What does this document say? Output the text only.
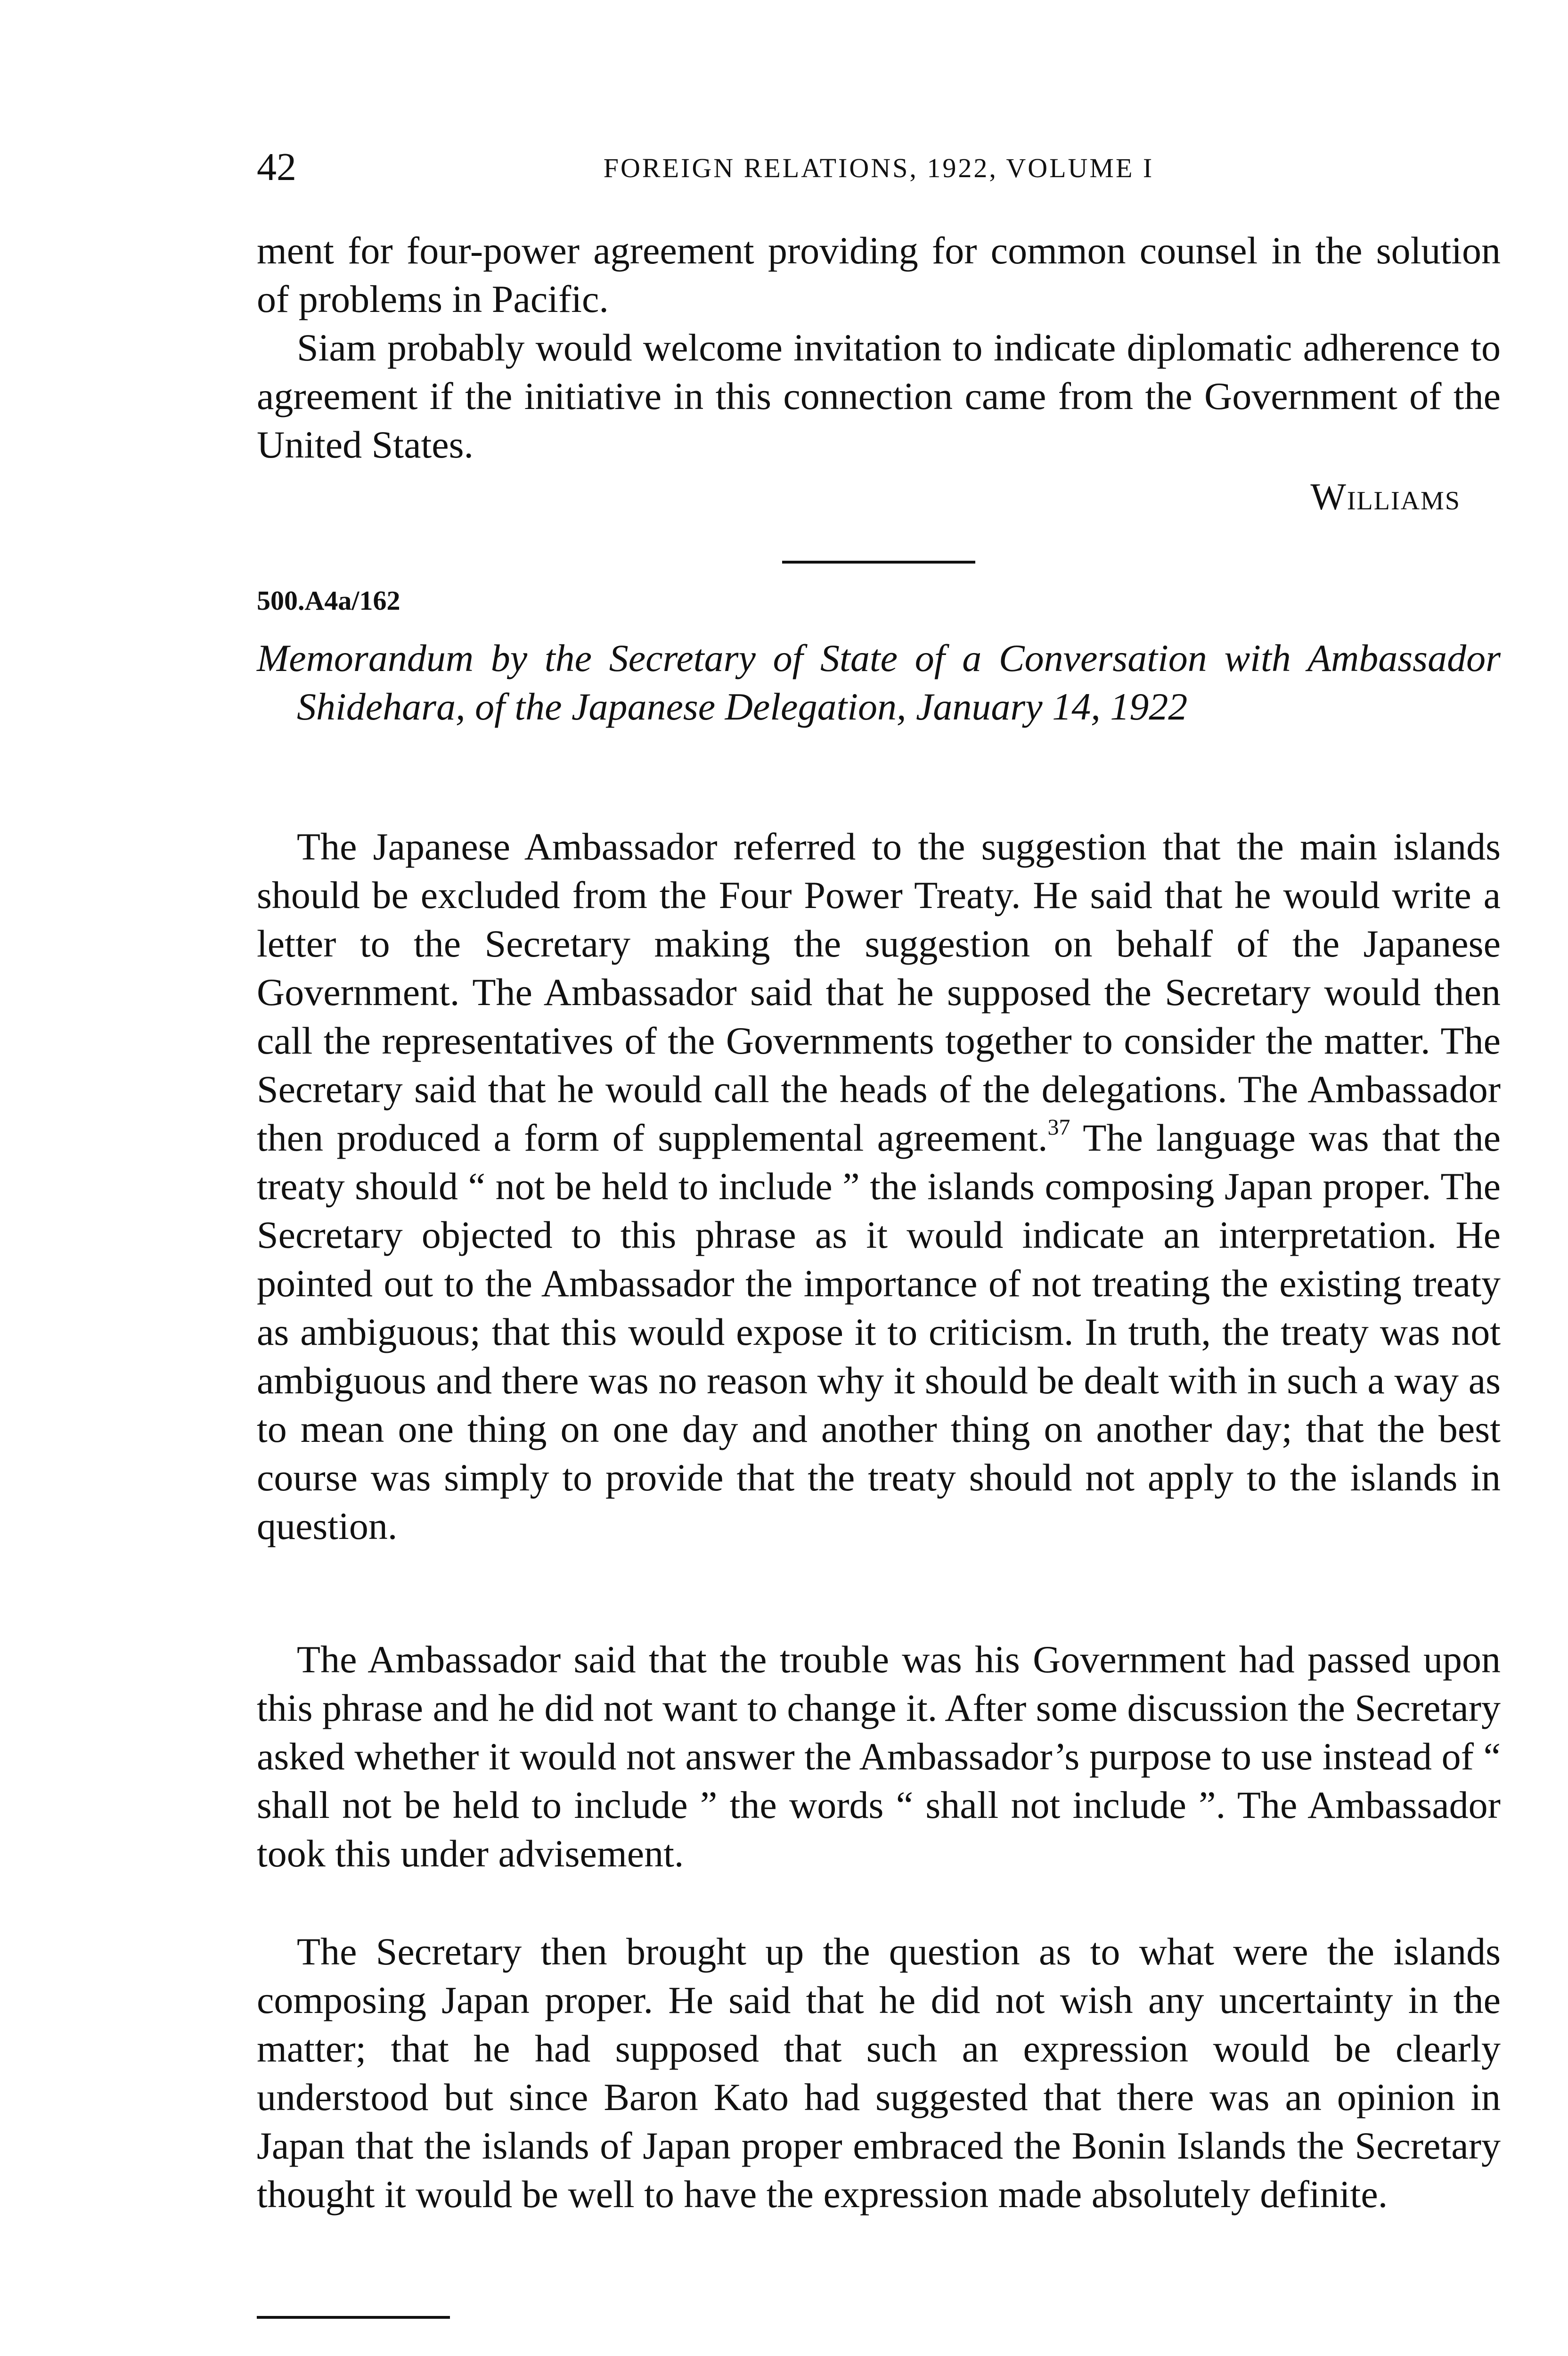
42	FOREIGN RELATIONS, 1922, VOLUME I

ment for four-power agreement providing for common counsel in the solution of problems in Pacific.

Siam probably would welcome invitation to indicate diplomatic adherence to agreement if the initiative in this connection came from the Government of the United States.

Williams
500.A4a/162

Memorandum by the Secretary of State of a Conversation with Ambassador Shidehara, of the Japanese Delegation, January 14, 1922

The Japanese Ambassador referred to the suggestion that the main islands should be excluded from the Four Power Treaty. He said that he would write a letter to the Secretary making the suggestion on behalf of the Japanese Government. The Ambassador said that he supposed the Secretary would then call the representatives of the Governments together to consider the matter. The Secretary said that he would call the heads of the delegations. The Ambassador then produced a form of supplemental agreement.$^{37}$ The language was that the treaty should “ not be held to include ” the islands composing Japan proper. The Secretary objected to this phrase as it would indicate an interpretation. He pointed out to the Ambassador the importance of not treating the existing treaty as ambiguous; that this would expose it to criticism. In truth, the treaty was not ambiguous and there was no reason why it should be dealt with in such a way as to mean one thing on one day and another thing on another day; that the best course was simply to provide that the treaty should not apply to the islands in question.

The Ambassador said that the trouble was his Government had passed upon this phrase and he did not want to change it. After some discussion the Secretary asked whether it would not answer the Ambassador’s purpose to use instead of “ shall not be held to include ” the words “ shall not include ”. The Ambassador took this under advisement.

The Secretary then brought up the question as to what were the islands composing Japan proper. He said that he did not wish any uncertainty in the matter; that he had supposed that such an expression would be clearly understood but since Baron Kato had suggested that there was an opinion in Japan that the islands of Japan proper embraced the Bonin Islands the Secretary thought it would be well to have the expression made absolutely definite.
